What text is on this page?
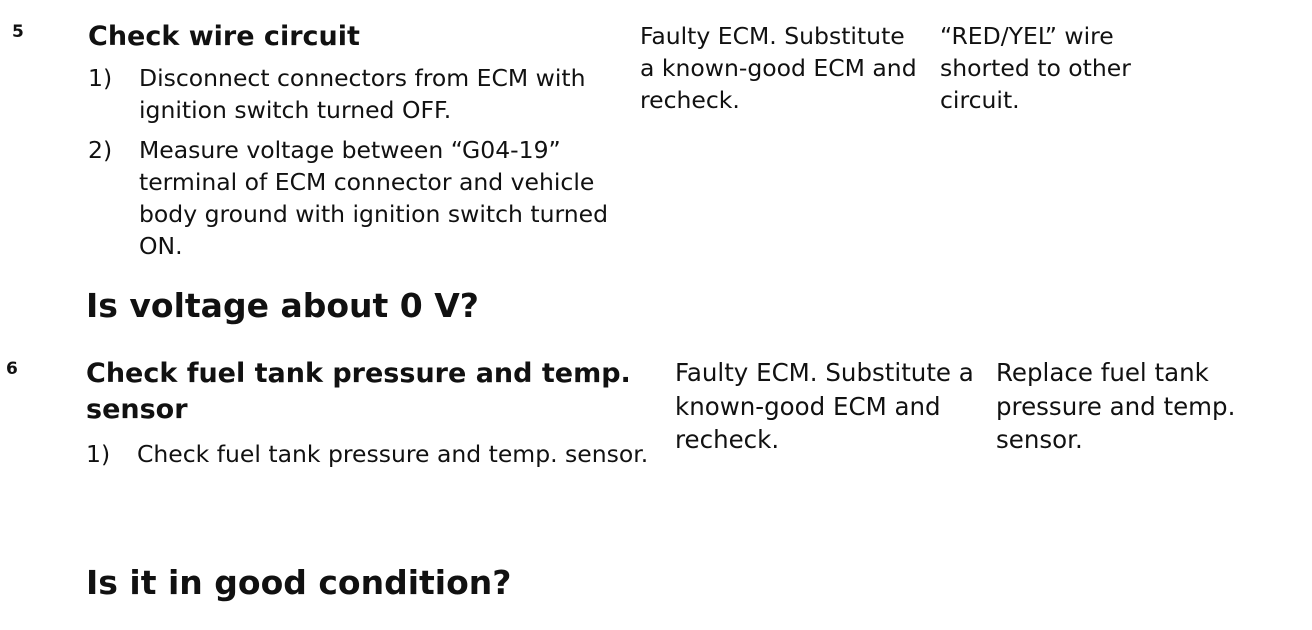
5 Check wire circuit
1) Disconnect connectors from ECM with ignition switch turned OFF.
2) Measure voltage between “G04-19” terminal of ECM connector and vehicle body ground with ignition switch turned ON.
Is voltage about 0 V?
Faulty ECM. Substitute a known-good ECM and recheck.
“RED/YEL” wire shorted to other circuit.
6	Check fuel tank pressure and temp. sensor
1) Check fuel tank pressure and temp. sensor.
Is it in good condition?
Faulty ECM. Substitute a known-good ECM and recheck.
Replace fuel tank pressure and temp. sensor.
